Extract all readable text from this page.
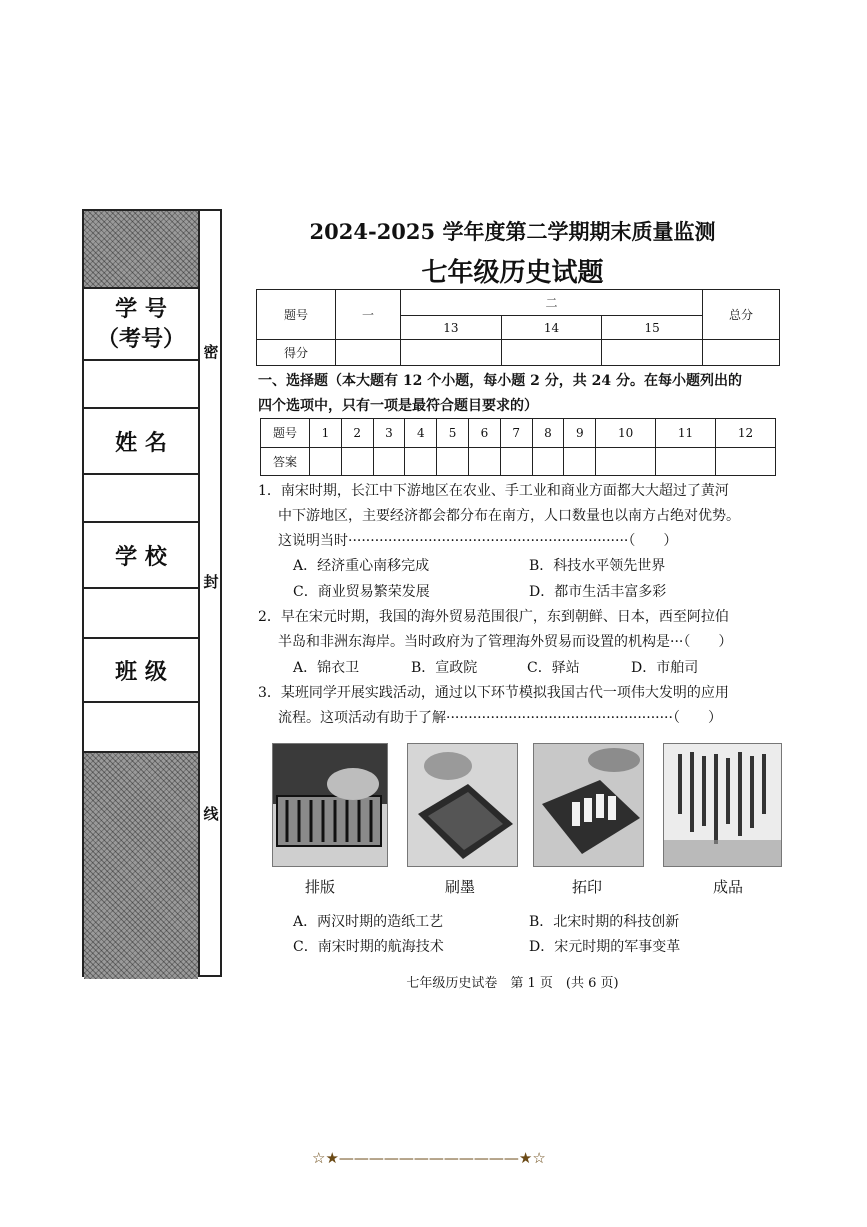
学 号
（考号）
姓 名
学 校
班 级
密
封
线
2024-2025 学年度第二学期期末质量监测
七年级历史试题
题号	一	二			总分
		13	14	15	
得分					
一、选择题（本大题有 12 个小题，每小题 2 分，共 24 分。在每小题列出的
四个选项中，只有一项是最符合题目要求的）
题号	1	2	3	4	5	6	7	8	9	10	11	12
答案												
1．南宋时期，长江中下游地区在农业、手工业和商业方面都大大超过了黄河
中下游地区，主要经济都会都分布在南方，人口数量也以南方占绝对优势。
这说明当时·······························································（　　）
A．经济重心南移完成	B．科技水平领先世界
C．商业贸易繁荣发展	D．都市生活丰富多彩
2．早在宋元时期，我国的海外贸易范围很广，东到朝鲜、日本，西至阿拉伯
半岛和非洲东海岸。当时政府为了管理海外贸易而设置的机构是···（　　）
A．锦衣卫	B．宣政院	C．驿站	D．市舶司
3．某班同学开展实践活动，通过以下环节模拟我国古代一项伟大发明的应用
流程。这项活动有助于了解···················································（　　）
排版	刷墨	拓印	成品
A．两汉时期的造纸工艺	B．北宋时期的科技创新
C．南宋时期的航海技术	D．宋元时期的军事变革
七年级历史试卷　第 1 页　(共 6 页)
☆★————————————★☆
